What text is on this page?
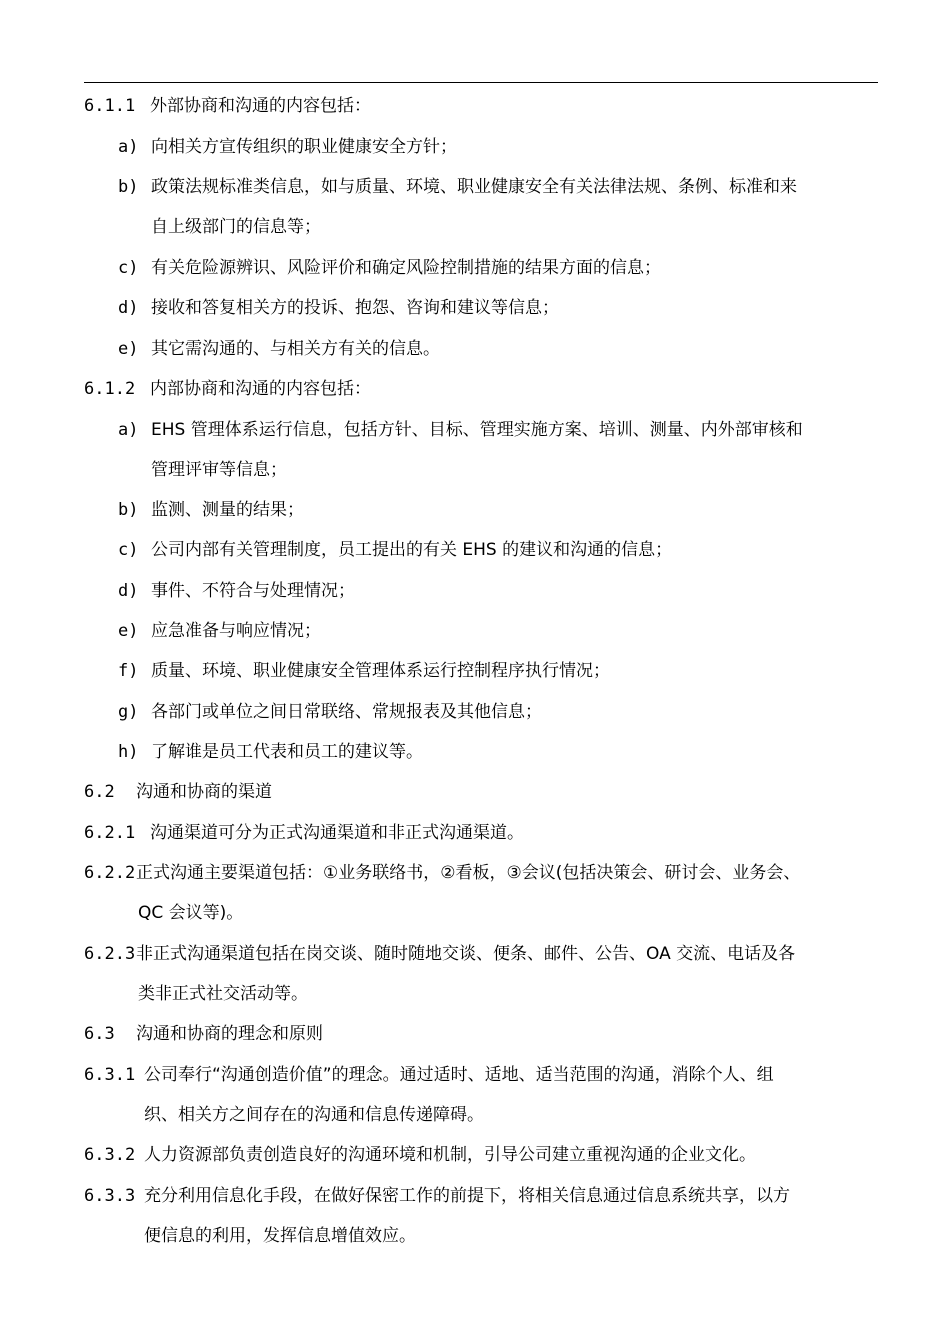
6.1.1 外部协商和沟通的内容包括：
a) 向相关方宣传组织的职业健康安全方针；
b) 政策法规标准类信息，如与质量、环境、职业健康安全有关法律法规、条例、标准和来
自上级部门的信息等；
c) 有关危险源辨识、风险评价和确定风险控制措施的结果方面的信息；
d) 接收和答复相关方的投诉、抱怨、咨询和建议等信息；
e) 其它需沟通的、与相关方有关的信息。
6.1.2 内部协商和沟通的内容包括：
a) EHS 管理体系运行信息，包括方针、目标、管理实施方案、培训、测量、内外部审核和
管理评审等信息；
b) 监测、测量的结果；
c) 公司内部有关管理制度，员工提出的有关 EHS 的建议和沟通的信息；
d) 事件、不符合与处理情况；
e) 应急准备与响应情况；
f) 质量、环境、职业健康安全管理体系运行控制程序执行情况；
g) 各部门或单位之间日常联络、常规报表及其他信息；
h) 了解谁是员工代表和员工的建议等。
6.2 沟通和协商的渠道
6.2.1 沟通渠道可分为正式沟通渠道和非正式沟通渠道。
6.2.2 正式沟通主要渠道包括：①业务联络书，②看板，③会议(包括决策会、研讨会、业务会、
QC 会议等)。
6.2.3 非正式沟通渠道包括在岗交谈、随时随地交谈、便条、邮件、公告、OA 交流、电话及各
类非正式社交活动等。
6.3 沟通和协商的理念和原则
6.3.1 公司奉行“沟通创造价值”的理念。通过适时、适地、适当范围的沟通，消除个人、组
织、相关方之间存在的沟通和信息传递障碍。
6.3.2 人力资源部负责创造良好的沟通环境和机制，引导公司建立重视沟通的企业文化。
6.3.3 充分利用信息化手段，在做好保密工作的前提下，将相关信息通过信息系统共享，以方
便信息的利用，发挥信息增值效应。
